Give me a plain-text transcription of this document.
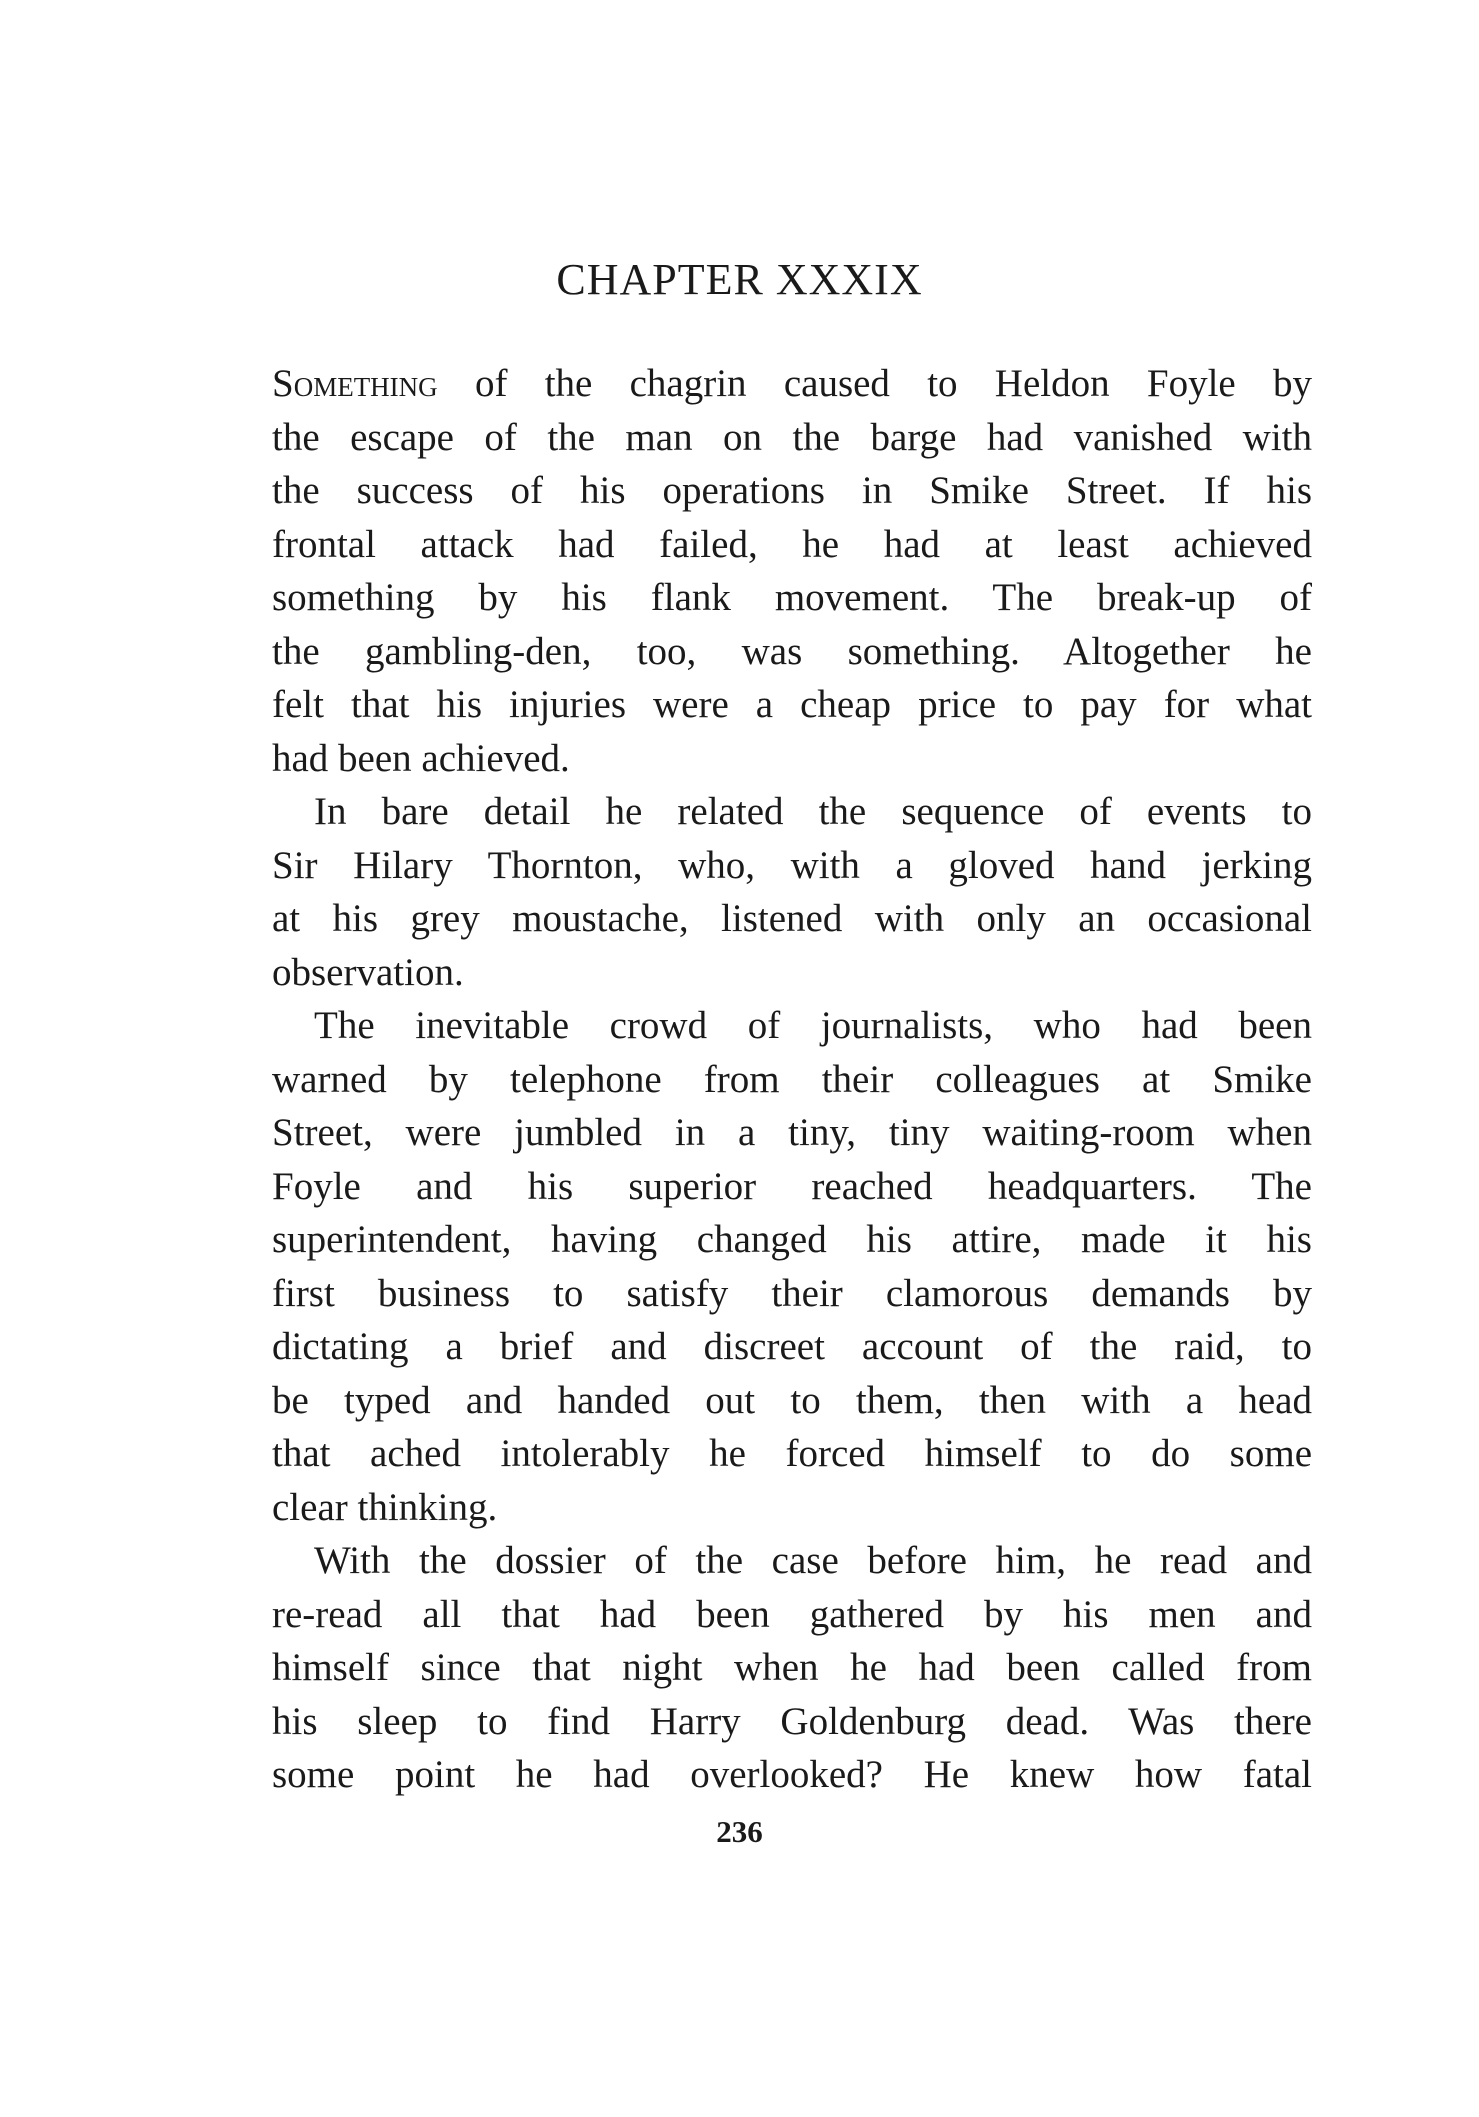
CHAPTER XXXIX
Something of the chagrin caused to Heldon Foyle by
the escape of the man on the barge had vanished with
the success of his operations in Smike Street. If his
frontal attack had failed, he had at least achieved
something by his flank movement. The break-up of
the gambling-den, too, was something. Altogether he
felt that his injuries were a cheap price to pay for what
had been achieved.
In bare detail he related the sequence of events to
Sir Hilary Thornton, who, with a gloved hand jerking
at his grey moustache, listened with only an occasional
observation.
The inevitable crowd of journalists, who had been
warned by telephone from their colleagues at Smike
Street, were jumbled in a tiny, tiny waiting-room when
Foyle and his superior reached headquarters. The
superintendent, having changed his attire, made it his
first business to satisfy their clamorous demands by
dictating a brief and discreet account of the raid, to
be typed and handed out to them, then with a head
that ached intolerably he forced himself to do some
clear thinking.
With the dossier of the case before him, he read and
re-read all that had been gathered by his men and
himself since that night when he had been called from
his sleep to find Harry Goldenburg dead. Was there
some point he had overlooked? He knew how fatal
236
